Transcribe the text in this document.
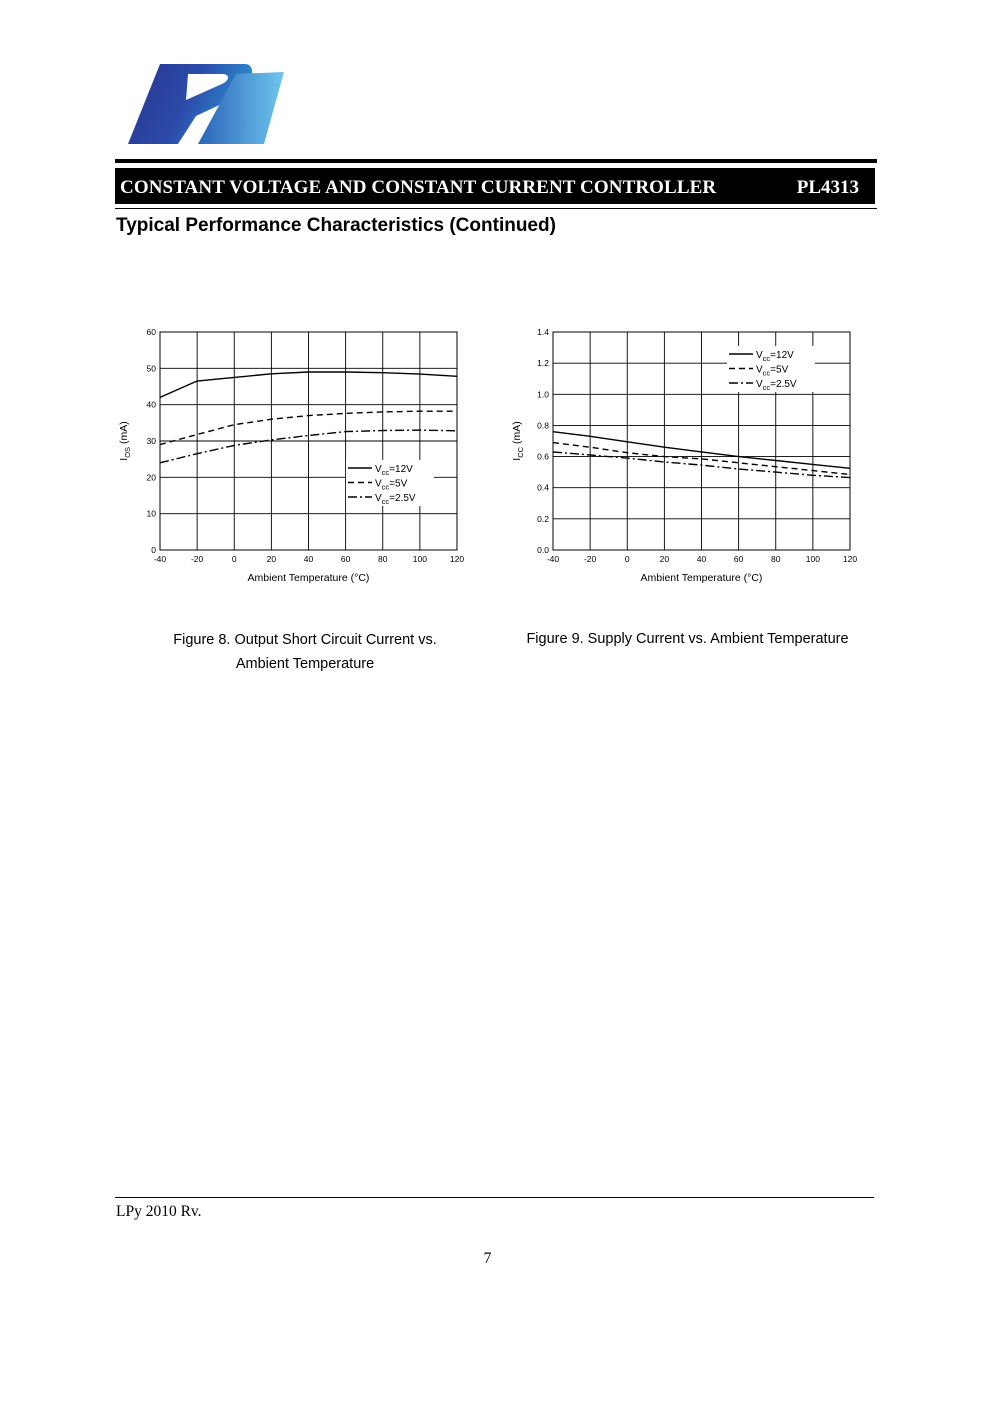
CONSTANT VOLTAGE AND CONSTANT CURRENT CONTROLLER	PL4313
Typical Performance Characteristics (Continued)
-40	-20	0	20	40	60	80	100	120
0
10
20
30
40
50
60
Ambient Temperature (°C)
$I_{OS}$ (mA)
$V_{cc}=12V$
$V_{cc}=5V$
$V_{cc}=2.5V$
-40	-20	0	20	40	60	80	100	120
0.0
0.2
0.4
0.6
0.8
1.0
1.2
1.4
Ambient Temperature (°C)
$I_{CC}$ (mA)
$V_{cc}=12V$
$V_{cc}=5V$
$V_{cc}=2.5V$
Figure 8. Output Short Circuit Current vs.
Ambient Temperature
Figure 9. Supply Current vs. Ambient Temperature
LPy 2010 Rv.
7
